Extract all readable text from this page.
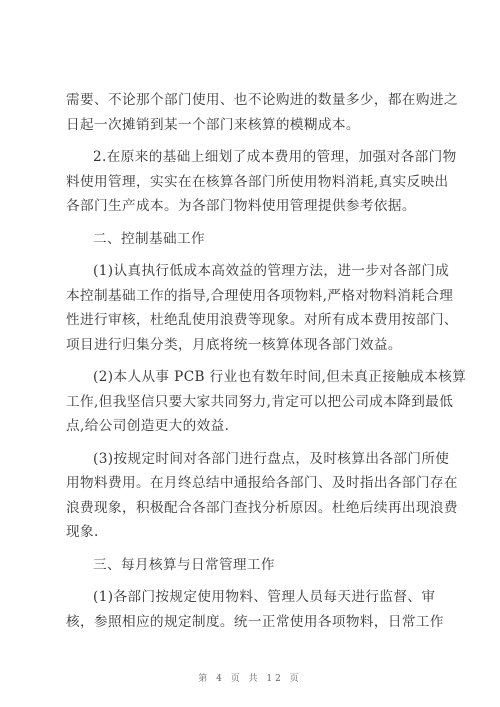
需要、不论那个部门使用、也不论购进的数量多少，都在购进之
日起一次摊销到某一个部门来核算的模糊成本。

2.在原来的基础上细划了成本费用的管理，加强对各部门物
料使用管理，实实在在核算各部门所使用物料消耗,真实反映出
各部门生产成本。为各部门物料使用管理提供参考依据。

二、控制基础工作

(1)认真执行低成本高效益的管理方法，进一步对各部门成
本控制基础工作的指导,合理使用各项物料,严格对物料消耗合理
性进行审核，杜绝乱使用浪费等现象。对所有成本费用按部门、
项目进行归集分类，月底将统一核算体现各部门效益。

(2)本人从事 PCB 行业也有数年时间,但未真正接触成本核算
工作,但我坚信只要大家共同努力,肯定可以把公司成本降到最低
点,给公司创造更大的效益.

(3)按规定时间对各部门进行盘点，及时核算出各部门所使
用物料费用。在月终总结中通报给各部门、及时指出各部门存在
浪费现象，积极配合各部门查找分析原因。杜绝后续再出现浪费
现象.

三、每月核算与日常管理工作

(1)各部门按规定使用物料、管理人员每天进行监督、审
核，参照相应的规定制度。统一正常使用各项物料，日常工作

第 4 页 共 12 页
